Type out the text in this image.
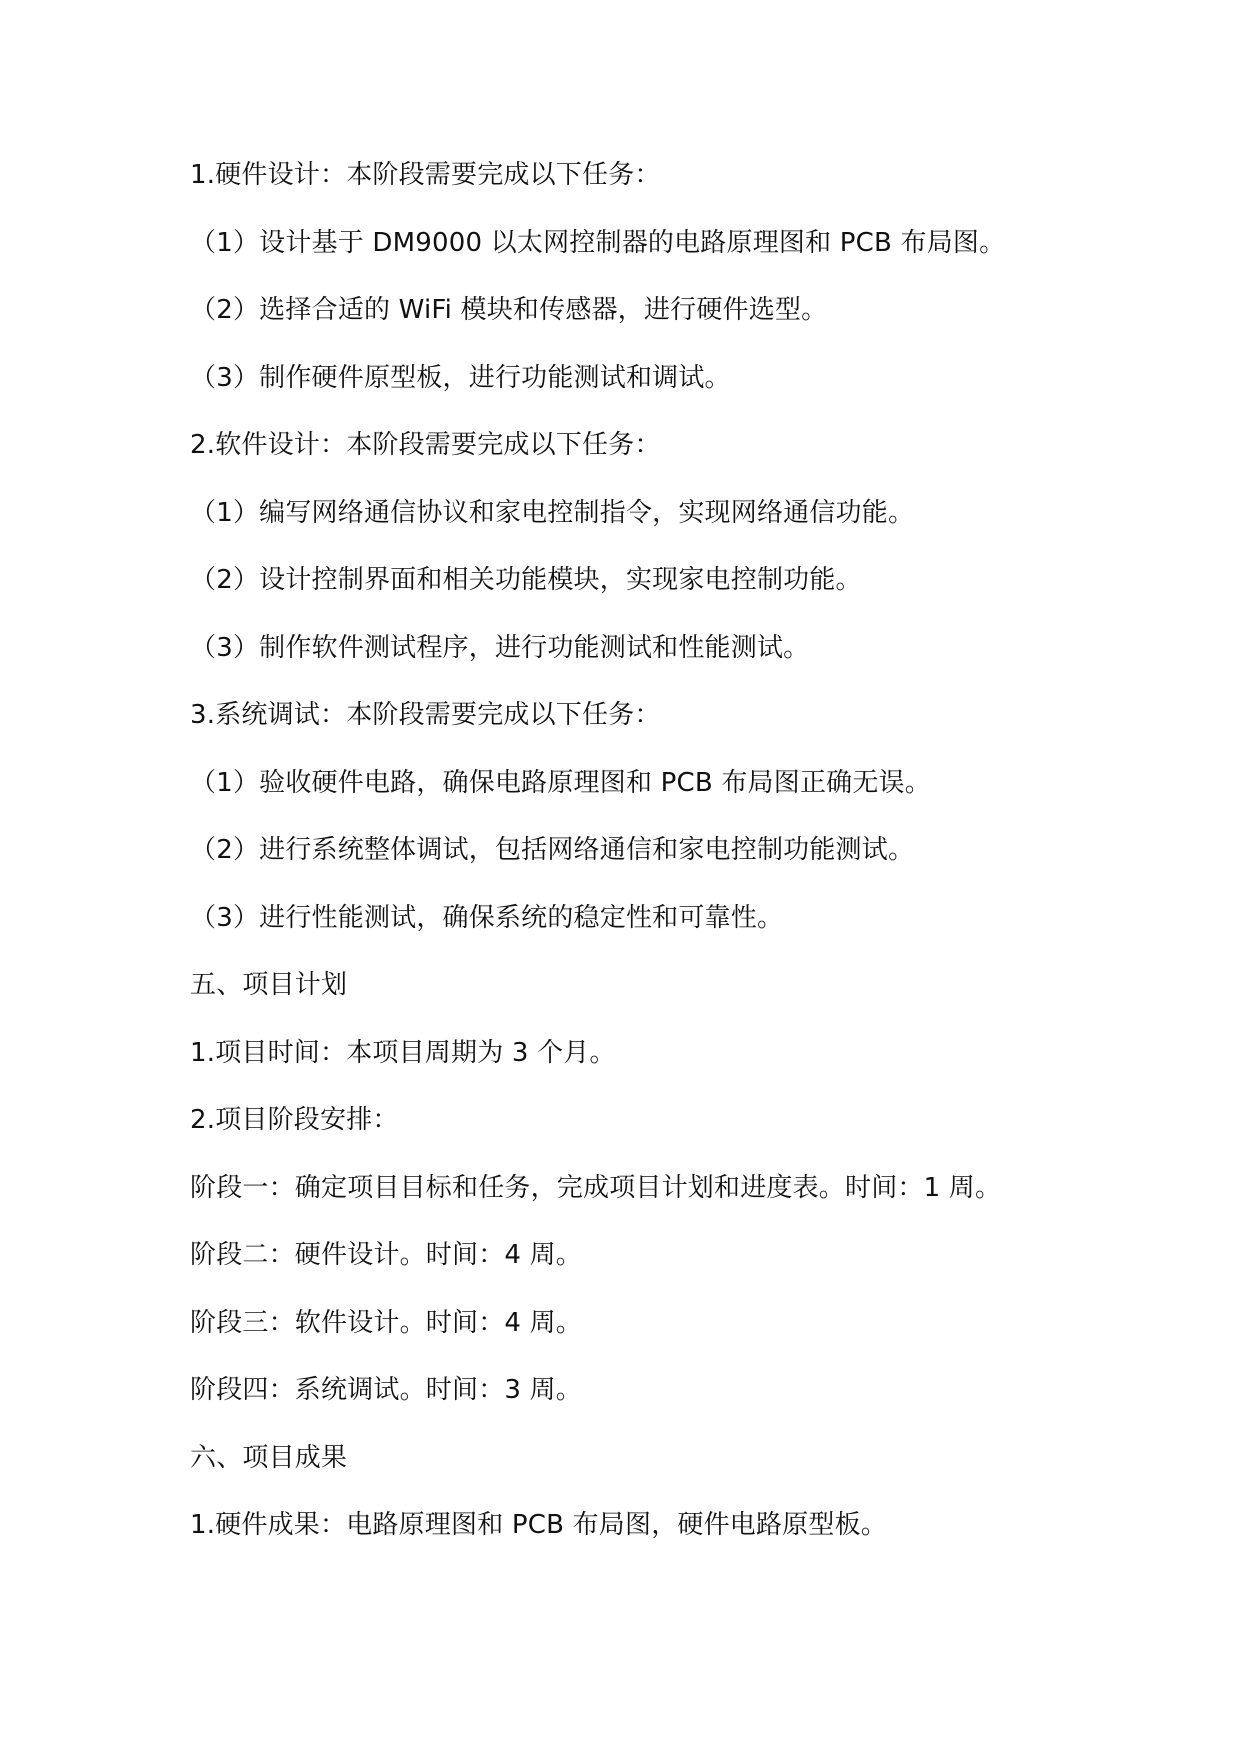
1.硬件设计：本阶段需要完成以下任务：
（1）设计基于 DM9000 以太网控制器的电路原理图和 PCB 布局图。
（2）选择合适的 WiFi 模块和传感器，进行硬件选型。
（3）制作硬件原型板，进行功能测试和调试。
2.软件设计：本阶段需要完成以下任务：
（1）编写网络通信协议和家电控制指令，实现网络通信功能。
（2）设计控制界面和相关功能模块，实现家电控制功能。
（3）制作软件测试程序，进行功能测试和性能测试。
3.系统调试：本阶段需要完成以下任务：
（1）验收硬件电路，确保电路原理图和 PCB 布局图正确无误。
（2）进行系统整体调试，包括网络通信和家电控制功能测试。
（3）进行性能测试，确保系统的稳定性和可靠性。
五、项目计划
1.项目时间：本项目周期为 3 个月。
2.项目阶段安排：
阶段一：确定项目目标和任务，完成项目计划和进度表。时间：1 周。
阶段二：硬件设计。时间：4 周。
阶段三：软件设计。时间：4 周。
阶段四：系统调试。时间：3 周。
六、项目成果
1.硬件成果：电路原理图和 PCB 布局图，硬件电路原型板。
